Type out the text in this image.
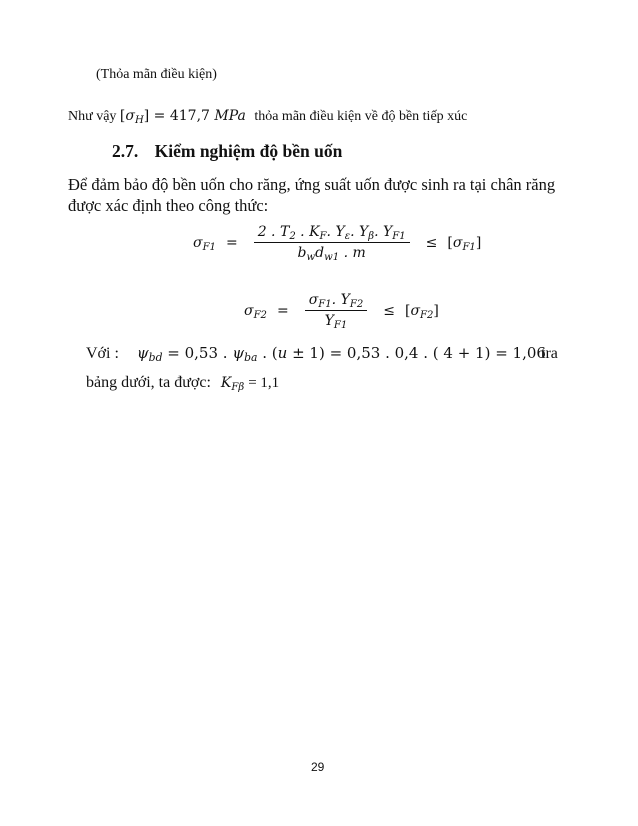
(Thỏa mãn điều kiện)
Như vậy $[\sigma_H] = 417,7$ MPa thỏa mãn điều kiện về độ bền tiếp xúc
2.7. Kiểm nghiệm độ bền uốn
Để đảm bảo độ bền uốn cho răng, ứng suất uốn được sinh ra tại chân răng
được xác định theo công thức:
$\sigma_{F1} = \frac{2 . T_2 . K_F. Y_\varepsilon. Y_\beta. Y_{F1}}{b_wd_{w1} . m} \le [\sigma_{F1}]$
$\sigma_{F2} = \frac{\sigma_{F1}. Y_{F2}}{Y_{F1}} \le [\sigma_{F2}]$
Với : $\psi_{bd} = 0,53$ . $\psi_{ba}$ . (u ± 1) = 0,53 . 0,4 . ( 4 + 1) = 1,06
tra
bảng dưới, ta được: $K_{F\beta} = 1,1$
29
